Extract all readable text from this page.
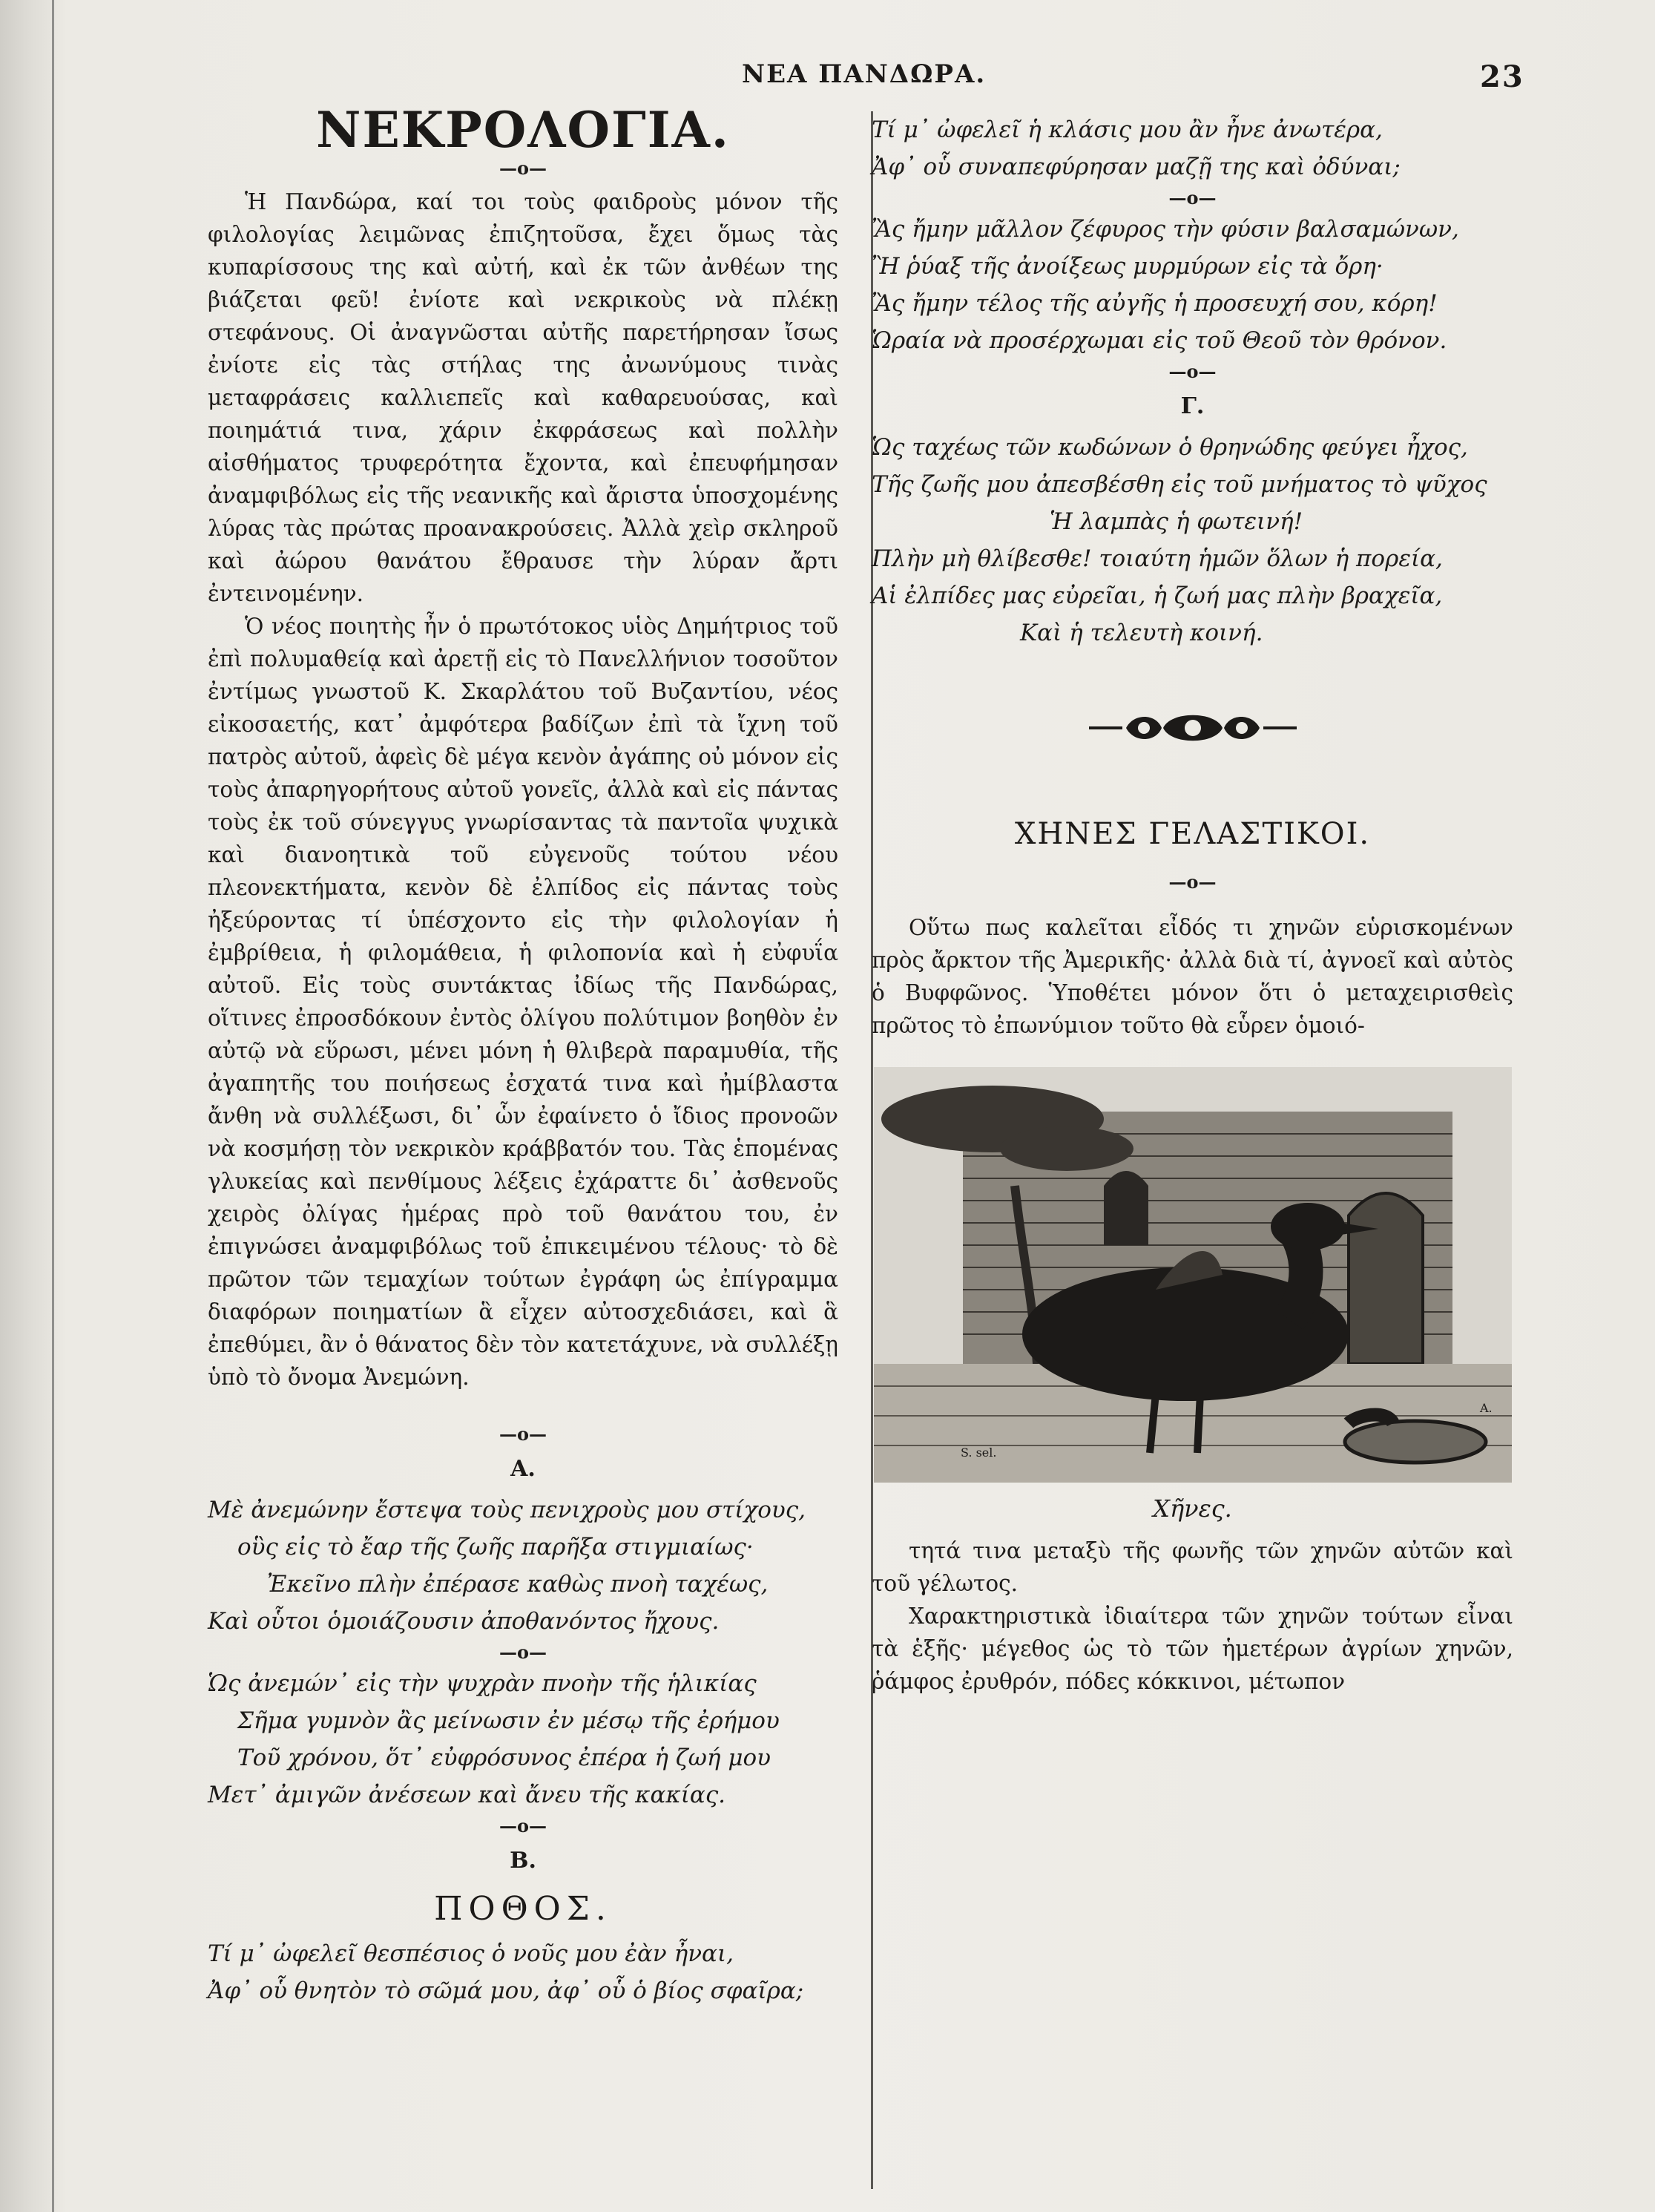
ΝΕΑ ΠΑΝΔΩΡΑ.	23
ΝΕΚΡΟΛΟΓΙΑ.
—ο—

Ἡ Πανδώρα, καί τοι τοὺς φαιδροὺς μόνον τῆς φιλολογίας λειμῶνας ἐπιζητοῦσα, ἔχει ὅμως τὰς κυπαρίσσους της καὶ αὐτή, καὶ ἐκ τῶν ἀνθέων της βιάζεται φεῦ! ἐνίοτε καὶ νεκρικοὺς νὰ πλέκῃ στεφάνους. Οἱ ἀναγνῶσται αὐτῆς παρετήρησαν ἴσως ἐνίοτε εἰς τὰς στήλας της ἀνωνύμους τινὰς μεταφράσεις καλλιεπεῖς καὶ καθαρευούσας, καὶ ποιημάτιά τινα, χάριν ἐκφράσεως καὶ πολλὴν αἰσθήματος τρυφερότητα ἔχοντα, καὶ ἐπευφήμησαν ἀναμφιβόλως εἰς τῆς νεανικῆς καὶ ἄριστα ὑποσχομένης λύρας τὰς πρώτας προανακρούσεις. Ἀλλὰ χεὶρ σκληροῦ καὶ ἀώρου θανάτου ἔθραυσε τὴν λύραν ἄρτι ἐντεινομένην.

Ὁ νέος ποιητὴς ἦν ὁ πρωτότοκος υἱὸς Δημήτριος τοῦ ἐπὶ πολυμαθείᾳ καὶ ἀρετῇ εἰς τὸ Πανελλήνιον τοσοῦτον ἐντίμως γνωστοῦ Κ. Σκαρλάτου τοῦ Βυζαντίου, νέος εἰκοσαετής, κατ᾽ ἀμφότερα βαδίζων ἐπὶ τὰ ἴχνη τοῦ πατρὸς αὐτοῦ, ἀφεὶς δὲ μέγα κενὸν ἀγάπης οὐ μόνον εἰς τοὺς ἀπαρηγορήτους αὐτοῦ γονεῖς, ἀλλὰ καὶ εἰς πάντας τοὺς ἐκ τοῦ σύνεγγυς γνωρίσαντας τὰ παντοῖα ψυχικὰ καὶ διανοητικὰ τοῦ εὐγενοῦς τούτου νέου πλεονεκτήματα, κενὸν δὲ ἐλπίδος εἰς πάντας τοὺς ἠξεύροντας τί ὑπέσχοντο εἰς τὴν φιλολογίαν ἡ ἐμβρίθεια, ἡ φιλομάθεια, ἡ φιλοπονία καὶ ἡ εὐφυΐα αὐτοῦ. Εἰς τοὺς συντάκτας ἰδίως τῆς Πανδώρας, οἵτινες ἐπροσδόκουν ἐντὸς ὀλίγου πολύτιμον βοηθὸν ἐν αὐτῷ νὰ εὕρωσι, μένει μόνη ἡ θλιβερὰ παραμυθία, τῆς ἀγαπητῆς του ποιήσεως ἐσχατά τινα καὶ ἠμίβλαστα ἄνθη νὰ συλλέξωσι, δι᾽ ὧν ἐφαίνετο ὁ ἴδιος προνοῶν νὰ κοσμήσῃ τὸν νεκρικὸν κράββατόν του. Τὰς ἑπομένας γλυκείας καὶ πενθίμους λέξεις ἐχάραττε δι᾽ ἀσθενοῦς χειρὸς ὀλίγας ἡμέρας πρὸ τοῦ θανάτου του, ἐν ἐπιγνώσει ἀναμφιβόλως τοῦ ἐπικειμένου τέλους· τὸ δὲ πρῶτον τῶν τεμαχίων τούτων ἐγράφη ὡς ἐπίγραμμα διαφόρων ποιηματίων ἃ εἶχεν αὐτοσχεδιάσει, καὶ ἃ ἐπεθύμει, ἂν ὁ θάνατος δὲν τὸν κατετάχυνε, νὰ συλλέξῃ ὑπὸ τὸ ὄνομα Ἀνεμώνη.

—ο—
Α.
Μὲ ἀνεμώνην ἔστεψα τοὺς πενιχροὺς μου στίχους,
οὓς εἰς τὸ ἔαρ τῆς ζωῆς παρῆξα στιγμιαίως·
Ἐκεῖνο πλὴν ἐπέρασε καθὼς πνοὴ ταχέως,
Καὶ οὗτοι ὁμοιάζουσιν ἀποθανόντος ἤχους.
—ο—
Ὡς ἀνεμών᾽ εἰς τὴν ψυχρὰν πνοὴν τῆς ἡλικίας
Σῆμα γυμνὸν ἂς μείνωσιν ἐν μέσῳ τῆς ἐρήμου
Τοῦ χρόνου, ὅτ᾽ εὐφρόσυνος ἐπέρα ἡ ζωή μου
Μετ᾽ ἀμιγῶν ἀνέσεων καὶ ἄνευ τῆς κακίας.
—ο—
Β.
ΠΟΘΟΣ.
Τί μ᾽ ὠφελεῖ θεσπέσιος ὁ νοῦς μου ἐὰν ἦναι,
Ἀφ᾽ οὗ θνητὸν τὸ σῶμά μου, ἀφ᾽ οὗ ὁ βίος σφαῖρα;
Τί μ᾽ ὠφελεῖ ἡ κλάσις μου ἂν ἦνε ἀνωτέρα,
Ἀφ᾽ οὗ συναπεφύρησαν μαζῇ της καὶ ὀδύναι;
—ο—
Ἂς ἤμην μᾶλλον ζέφυρος τὴν φύσιν βαλσαμώνων,
Ἢ ῥύαξ τῆς ἀνοίξεως μυρμύρων εἰς τὰ ὄρη·
Ἂς ἤμην τέλος τῆς αὐγῆς ἡ προσευχή σου, κόρη!
Ὡραία νὰ προσέρχωμαι εἰς τοῦ Θεοῦ τὸν θρόνον.
—ο—
Γ.
Ὡς ταχέως τῶν κωδώνων ὁ θρηνώδης φεύγει ἦχος,
Τῆς ζωῆς μου ἀπεσβέσθη εἰς τοῦ μνήματος τὸ ψῦχος
Ἡ λαμπὰς ἡ φωτεινή!
Πλὴν μὴ θλίβεσθε! τοιαύτη ἡμῶν ὅλων ἡ πορεία,
Αἱ ἐλπίδες μας εὐρεῖαι, ἡ ζωή μας πλὴν βραχεῖα,
Καὶ ἡ τελευτὴ κοινή.
ΧΗΝΕΣ ΓΕΛΑΣΤΙΚΟΙ.
—ο—

Οὕτω πως καλεῖται εἶδός τι χηνῶν εὑρισκομένων πρὸς ἄρκτον τῆς Ἀμερικῆς· ἀλλὰ διὰ τί, ἀγνοεῖ καὶ αὐτὸς ὁ Βυφφῶνος. Ὑποθέτει μόνον ὅτι ὁ μεταχειρισθεὶς πρῶτος τὸ ἐπωνύμιον τοῦτο θὰ εὗρεν ὁμοιό-

S. sel.
A.
Χῆνες.

τητά τινα μεταξὺ τῆς φωνῆς τῶν χηνῶν αὐτῶν καὶ τοῦ γέλωτος.

Χαρακτηριστικὰ ἰδιαίτερα τῶν χηνῶν τούτων εἶναι τὰ ἑξῆς· μέγεθος ὡς τὸ τῶν ἡμετέρων ἀγρίων χηνῶν, ῥάμφος ἐρυθρόν, πόδες κόκκινοι, μέτωπον
